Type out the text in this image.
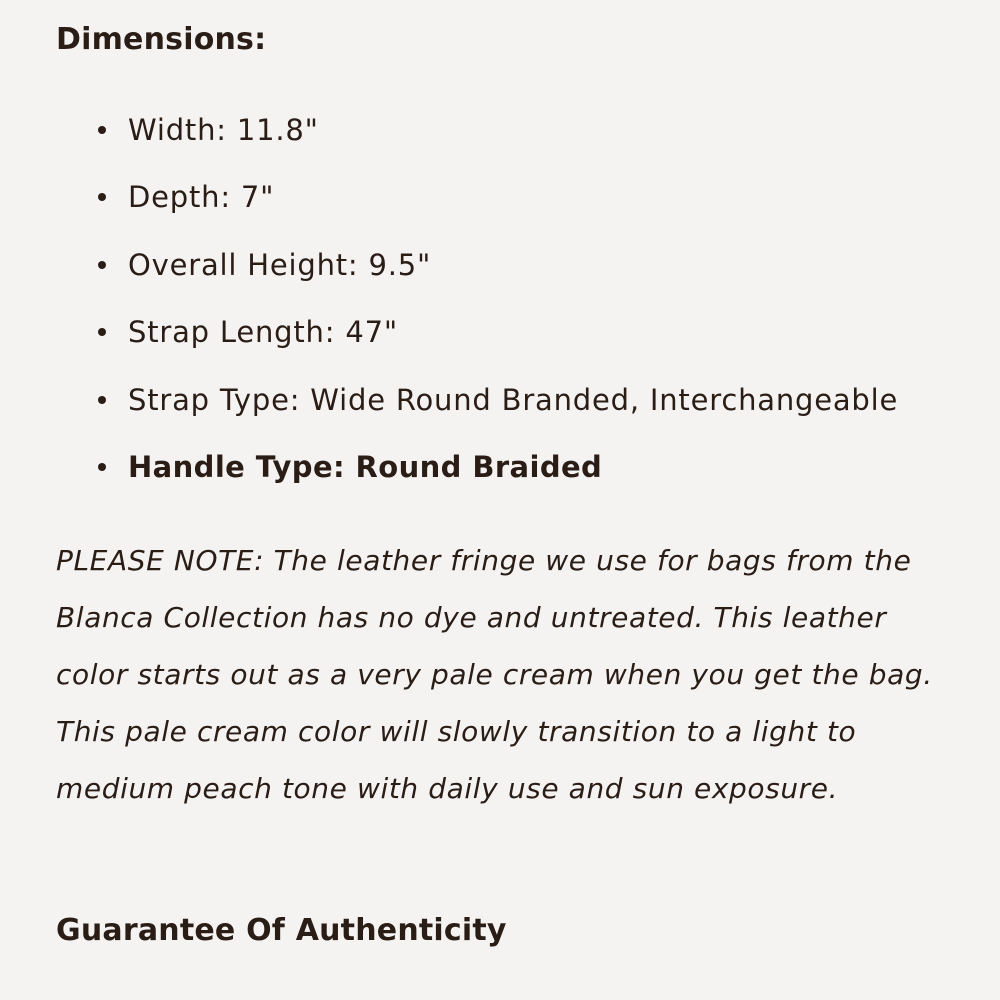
Dimensions:
Width: 11.8"
Depth: 7"
Overall Height: 9.5"
Strap Length: 47"
Strap Type: Wide Round Branded, Interchangeable
Handle Type: Round Braided

PLEASE NOTE: The leather fringe we use for bags from the Blanca Collection has no dye and untreated. This leather color starts out as a very pale cream when you get the bag. This pale cream color will slowly transition to a light to medium peach tone with daily use and sun exposure.

Guarantee Of Authenticity
